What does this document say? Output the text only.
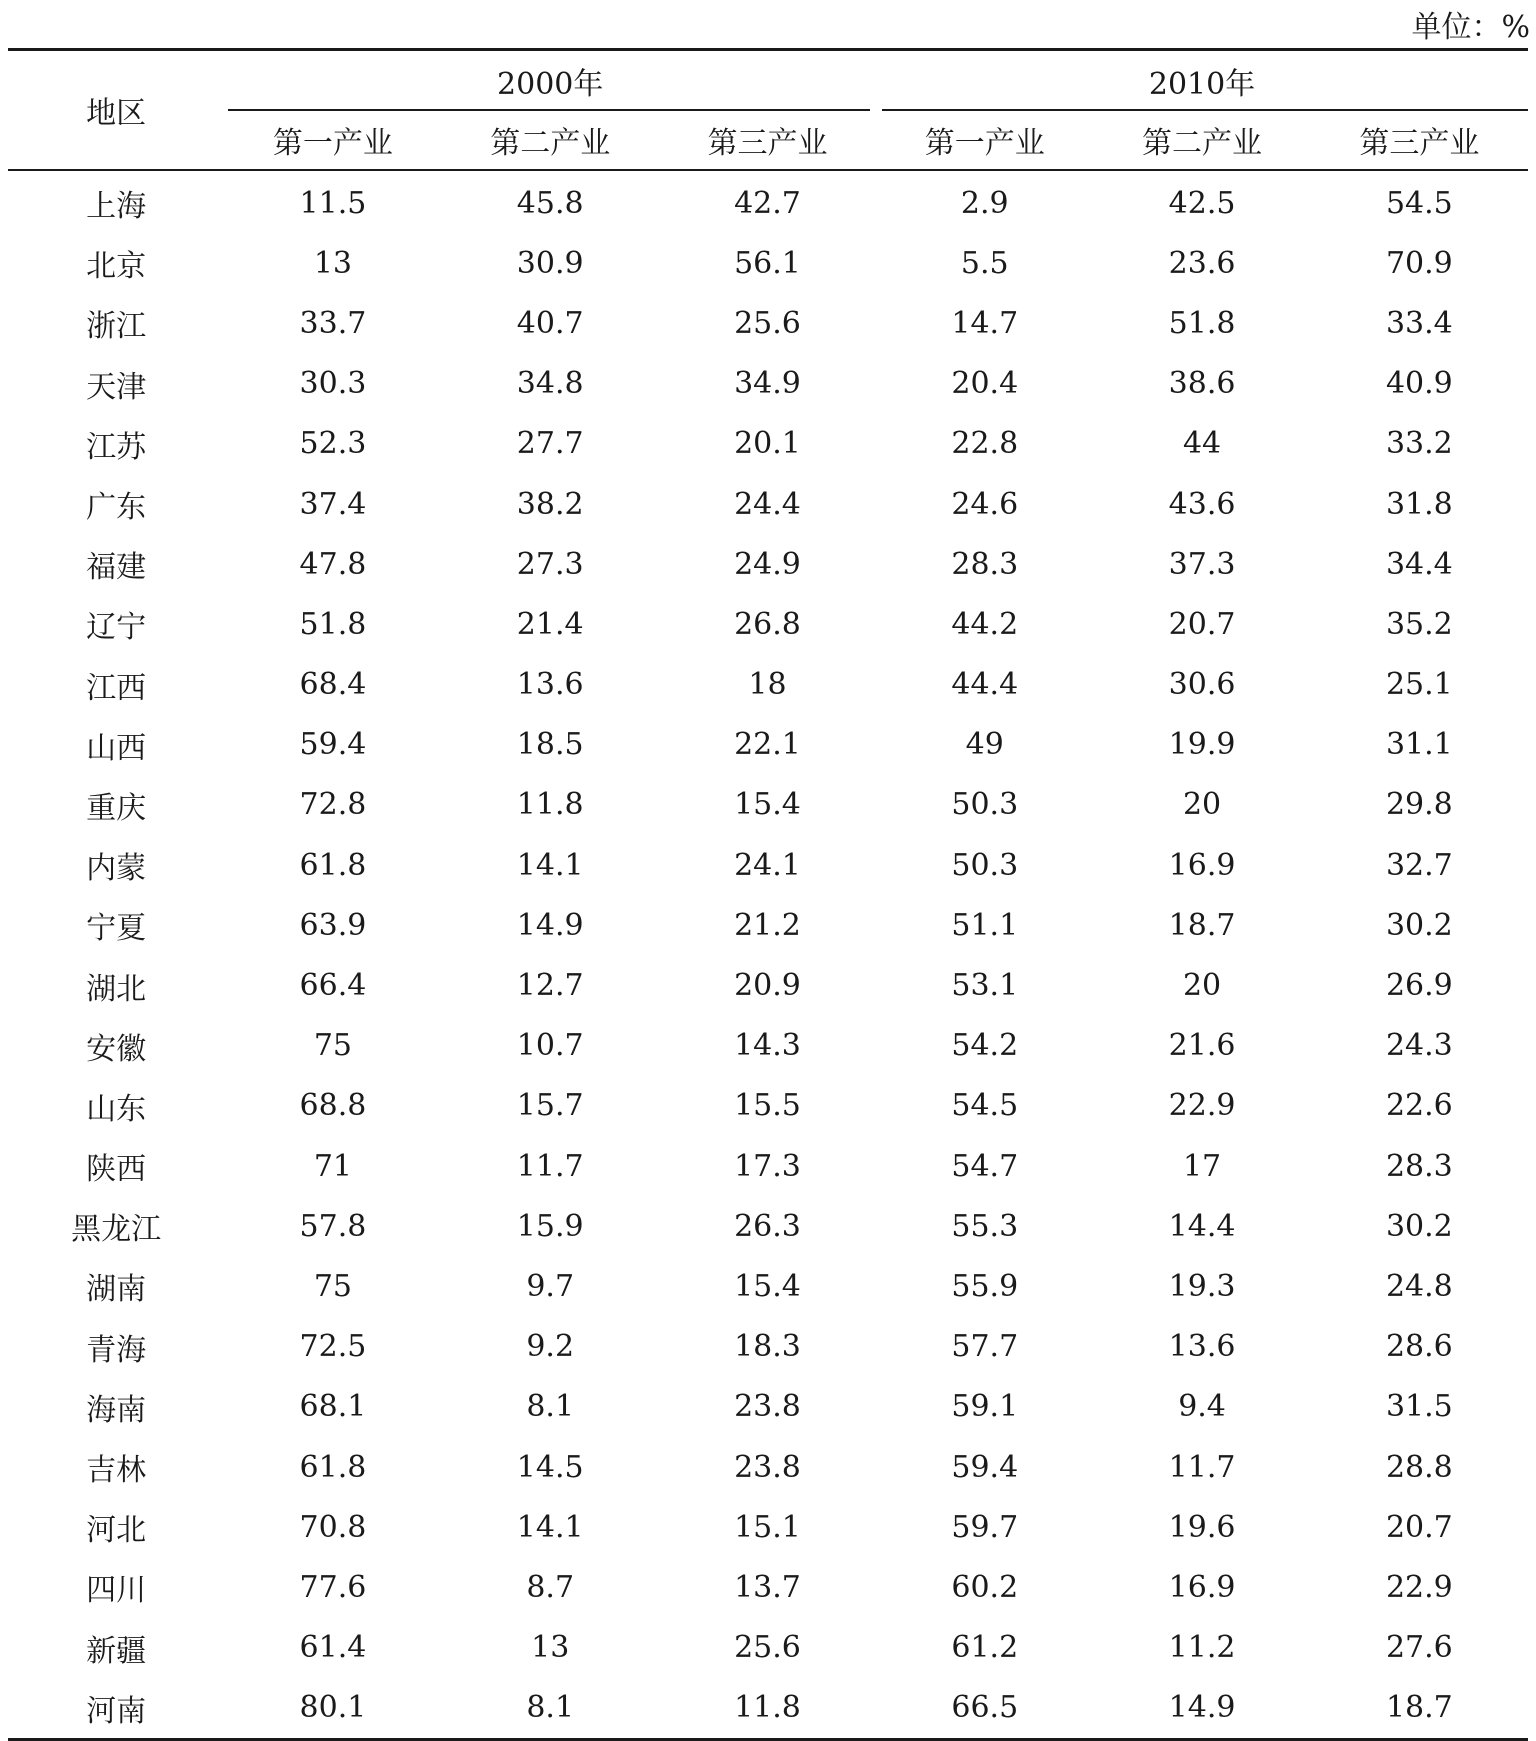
单位：%
地区	2000年			2010年		
	第一产业	第二产业	第三产业	第一产业	第二产业	第三产业
上海	11.5	45.8	42.7	2.9	42.5	54.5
北京	13	30.9	56.1	5.5	23.6	70.9
浙江	33.7	40.7	25.6	14.7	51.8	33.4
天津	30.3	34.8	34.9	20.4	38.6	40.9
江苏	52.3	27.7	20.1	22.8	44	33.2
广东	37.4	38.2	24.4	24.6	43.6	31.8
福建	47.8	27.3	24.9	28.3	37.3	34.4
辽宁	51.8	21.4	26.8	44.2	20.7	35.2
江西	68.4	13.6	18	44.4	30.6	25.1
山西	59.4	18.5	22.1	49	19.9	31.1
重庆	72.8	11.8	15.4	50.3	20	29.8
内蒙	61.8	14.1	24.1	50.3	16.9	32.7
宁夏	63.9	14.9	21.2	51.1	18.7	30.2
湖北	66.4	12.7	20.9	53.1	20	26.9
安徽	75	10.7	14.3	54.2	21.6	24.3
山东	68.8	15.7	15.5	54.5	22.9	22.6
陕西	71	11.7	17.3	54.7	17	28.3
黑龙江	57.8	15.9	26.3	55.3	14.4	30.2
湖南	75	9.7	15.4	55.9	19.3	24.8
青海	72.5	9.2	18.3	57.7	13.6	28.6
海南	68.1	8.1	23.8	59.1	9.4	31.5
吉林	61.8	14.5	23.8	59.4	11.7	28.8
河北	70.8	14.1	15.1	59.7	19.6	20.7
四川	77.6	8.7	13.7	60.2	16.9	22.9
新疆	61.4	13	25.6	61.2	11.2	27.6
河南	80.1	8.1	11.8	66.5	14.9	18.7
